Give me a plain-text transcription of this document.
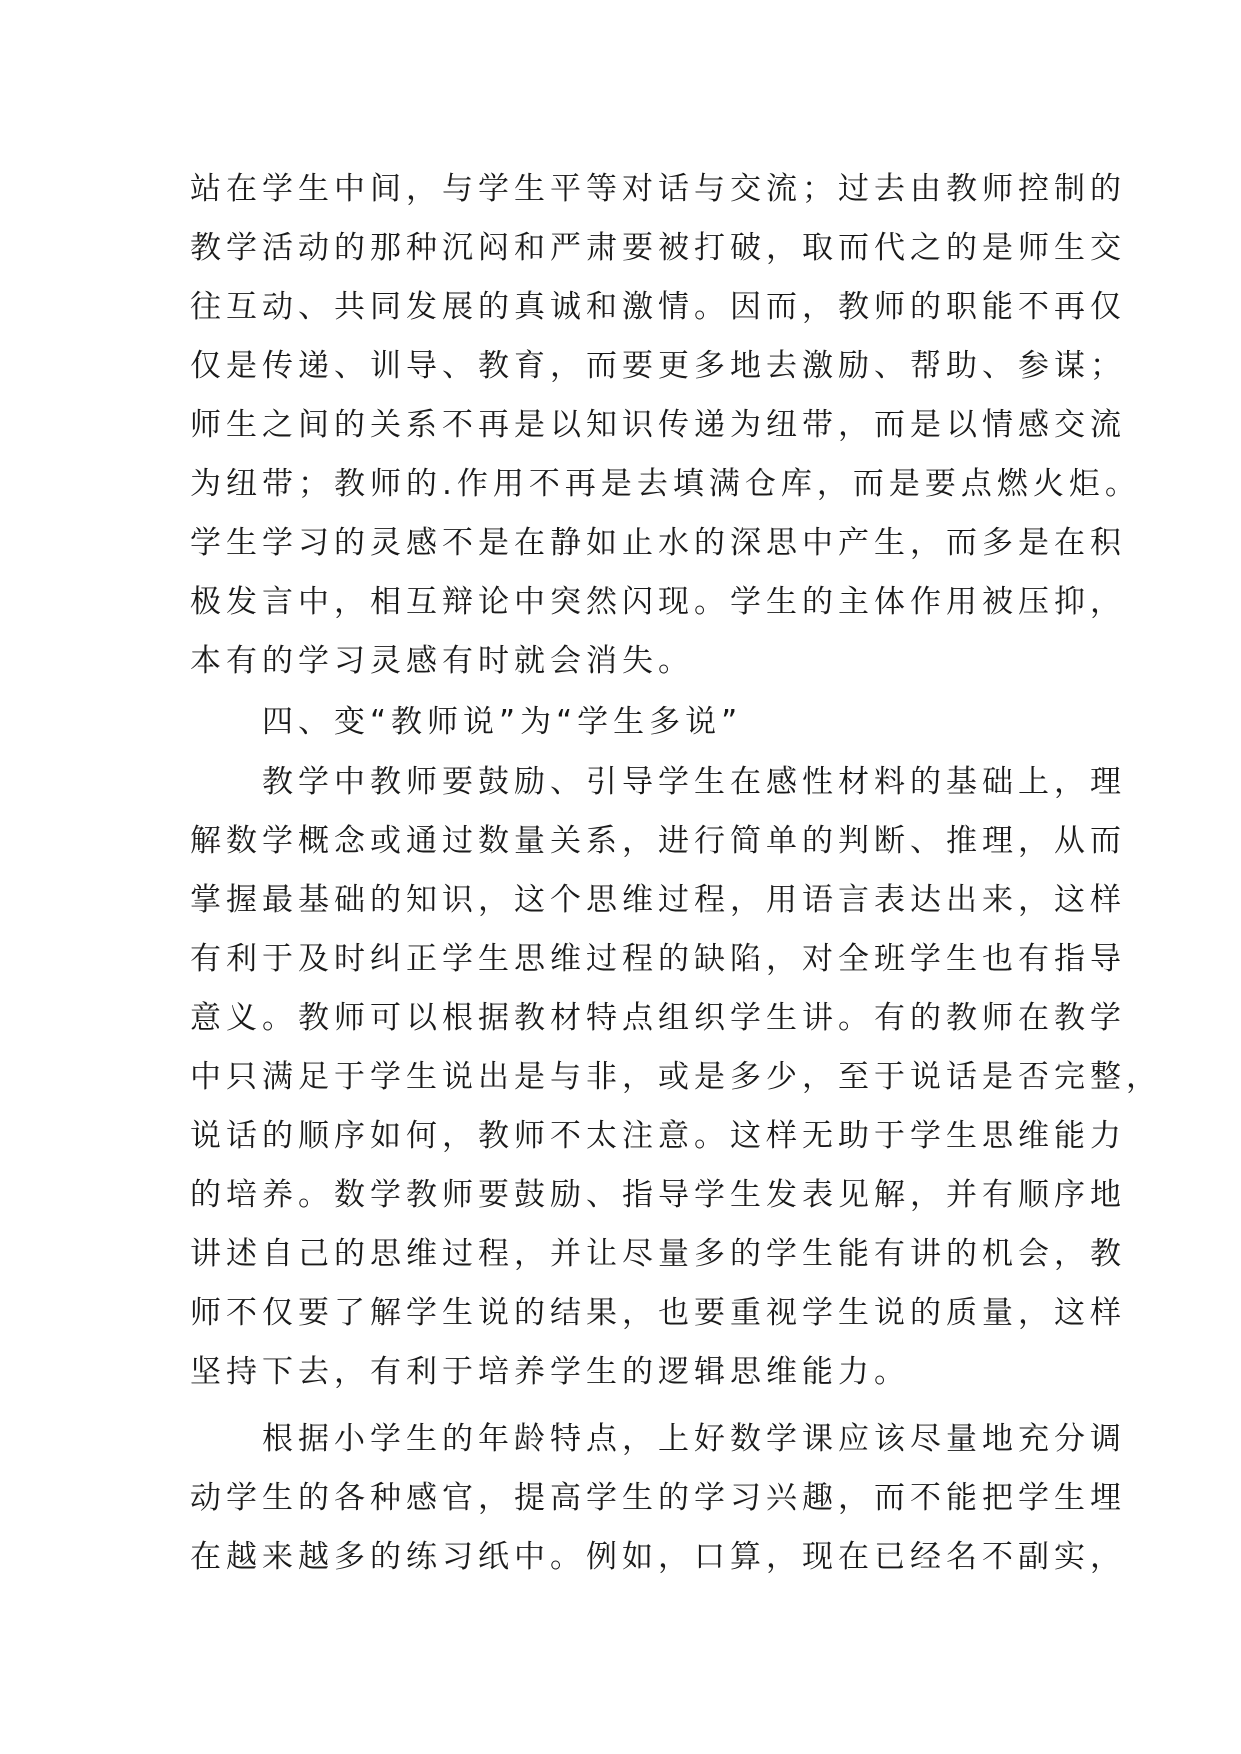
站在学生中间，与学生平等对话与交流；过去由教师控制的
教学活动的那种沉闷和严肃要被打破，取而代之的是师生交
往互动、共同发展的真诚和激情。因而，教师的职能不再仅
仅是传递、训导、教育，而要更多地去激励、帮助、参谋；
师生之间的关系不再是以知识传递为纽带，而是以情感交流
为纽带；教师的.作用不再是去填满仓库，而是要点燃火炬。
学生学习的灵感不是在静如止水的深思中产生，而多是在积
极发言中，相互辩论中突然闪现。学生的主体作用被压抑，
本有的学习灵感有时就会消失。
　　四、变“教师说”为“学生多说”
　　教学中教师要鼓励、引导学生在感性材料的基础上，理
解数学概念或通过数量关系，进行简单的判断、推理，从而
掌握最基础的知识，这个思维过程，用语言表达出来，这样
有利于及时纠正学生思维过程的缺陷，对全班学生也有指导
意义。教师可以根据教材特点组织学生讲。有的教师在教学
中只满足于学生说出是与非，或是多少，至于说话是否完整，
说话的顺序如何，教师不太注意。这样无助于学生思维能力
的培养。数学教师要鼓励、指导学生发表见解，并有顺序地
讲述自己的思维过程，并让尽量多的学生能有讲的机会，教
师不仅要了解学生说的结果，也要重视学生说的质量，这样
坚持下去，有利于培养学生的逻辑思维能力。
　　根据小学生的年龄特点，上好数学课应该尽量地充分调
动学生的各种感官，提高学生的学习兴趣，而不能把学生埋
在越来越多的练习纸中。例如，口算，现在已经名不副实，
